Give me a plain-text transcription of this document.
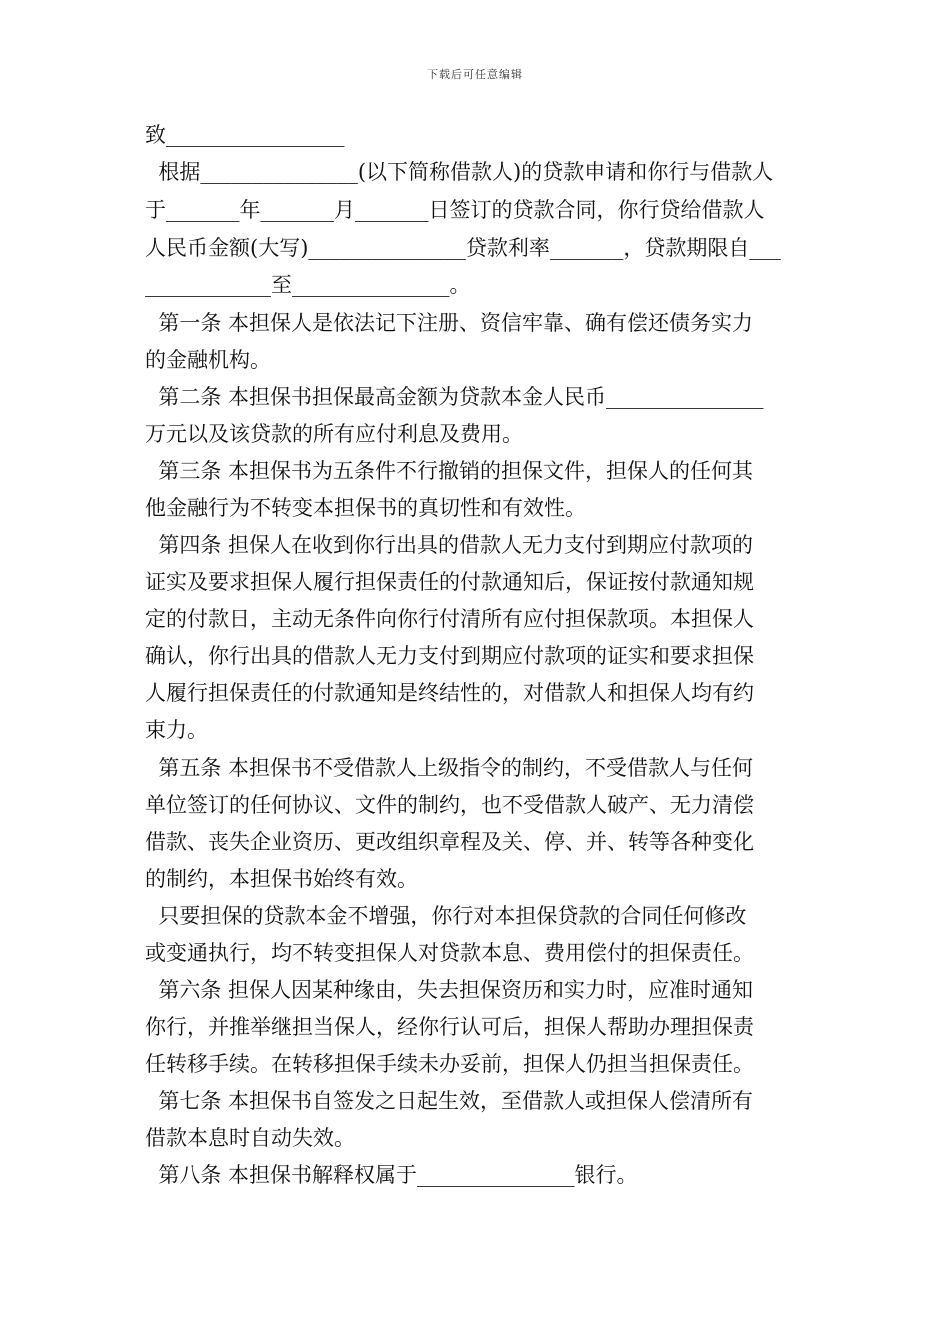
下载后可任意编辑
致_________________
根据_______________(以下简称借款人)的贷款申请和你行与借款人
于_______年_______月_______日签订的贷款合同，你行贷给借款人
人民币金额(大写)_______________贷款利率_______，贷款期限自___
____________至_______________。
第一条 本担保人是依法记下注册、资信牢靠、确有偿还债务实力
的金融机构。
第二条 本担保书担保最高金额为贷款本金人民币_______________
万元以及该贷款的所有应付利息及费用。
第三条 本担保书为五条件不行撤销的担保文件，担保人的任何其
他金融行为不转变本担保书的真切性和有效性。
第四条 担保人在收到你行出具的借款人无力支付到期应付款项的
证实及要求担保人履行担保责任的付款通知后，保证按付款通知规
定的付款日，主动无条件向你行付清所有应付担保款项。本担保人
确认，你行出具的借款人无力支付到期应付款项的证实和要求担保
人履行担保责任的付款通知是终结性的，对借款人和担保人均有约
束力。
第五条 本担保书不受借款人上级指令的制约，不受借款人与任何
单位签订的任何协议、文件的制约，也不受借款人破产、无力清偿
借款、丧失企业资历、更改组织章程及关、停、并、转等各种变化
的制约，本担保书始终有效。
只要担保的贷款本金不增强，你行对本担保贷款的合同任何修改
或变通执行，均不转变担保人对贷款本息、费用偿付的担保责任。
第六条 担保人因某种缘由，失去担保资历和实力时，应准时通知
你行，并推举继担当保人，经你行认可后，担保人帮助办理担保责
任转移手续。在转移担保手续未办妥前，担保人仍担当担保责任。
第七条 本担保书自签发之日起生效，至借款人或担保人偿清所有
借款本息时自动失效。
第八条 本担保书解释权属于_______________银行。
